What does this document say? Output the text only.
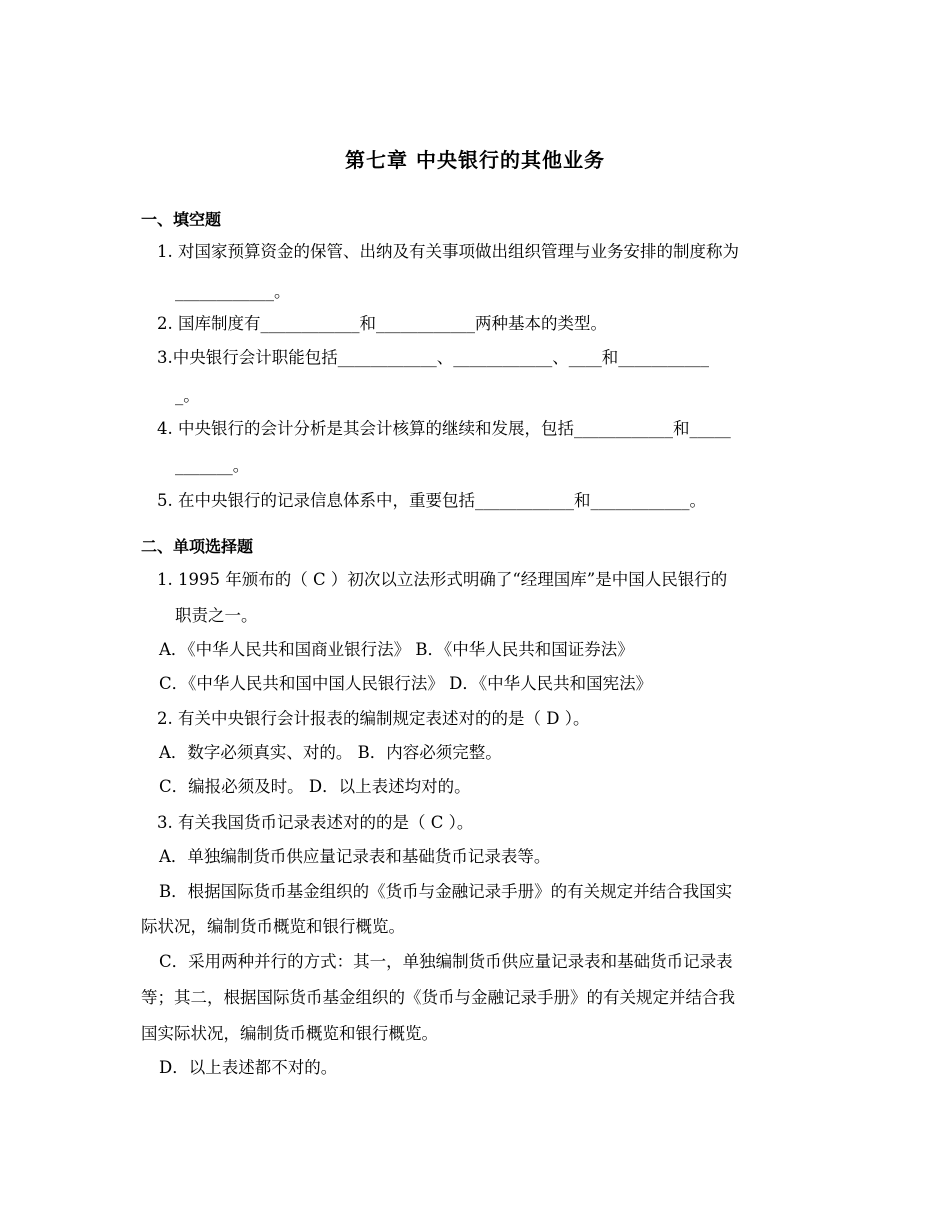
第七章 中央银行的其他业务
一、填空题
1. 对国家预算资金的保管、出纳及有关事项做出组织管理与业务安排的制度称为
____________。
2. 国库制度有____________和____________两种基本的类型。
3.中央银行会计职能包括____________、____________、____和___________
_。
4. 中央银行的会计分析是其会计核算的继续和发展，包括____________和_____
_______。
5. 在中央银行的记录信息体系中，重要包括____________和____________。
二、单项选择题
1. 1995 年颁布的（ C ）初次以立法形式明确了“经理国库”是中国人民银行的
职责之一。
A．《中华人民共和国商业银行法》 B．《中华人民共和国证券法》
C．《中华人民共和国中国人民银行法》 D．《中华人民共和国宪法》
2. 有关中央银行会计报表的编制规定表述对的的是（ D ）。
A．数字必须真实、对的。 B．内容必须完整。
C．编报必须及时。 D．以上表述均对的。
3. 有关我国货币记录表述对的的是（ C ）。
A．单独编制货币供应量记录表和基础货币记录表等。
B．根据国际货币基金组织的《货币与金融记录手册》的有关规定并结合我国实
际状况，编制货币概览和银行概览。
C．采用两种并行的方式：其一，单独编制货币供应量记录表和基础货币记录表
等；其二，根据国际货币基金组织的《货币与金融记录手册》的有关规定并结合我
国实际状况，编制货币概览和银行概览。
D．以上表述都不对的。
